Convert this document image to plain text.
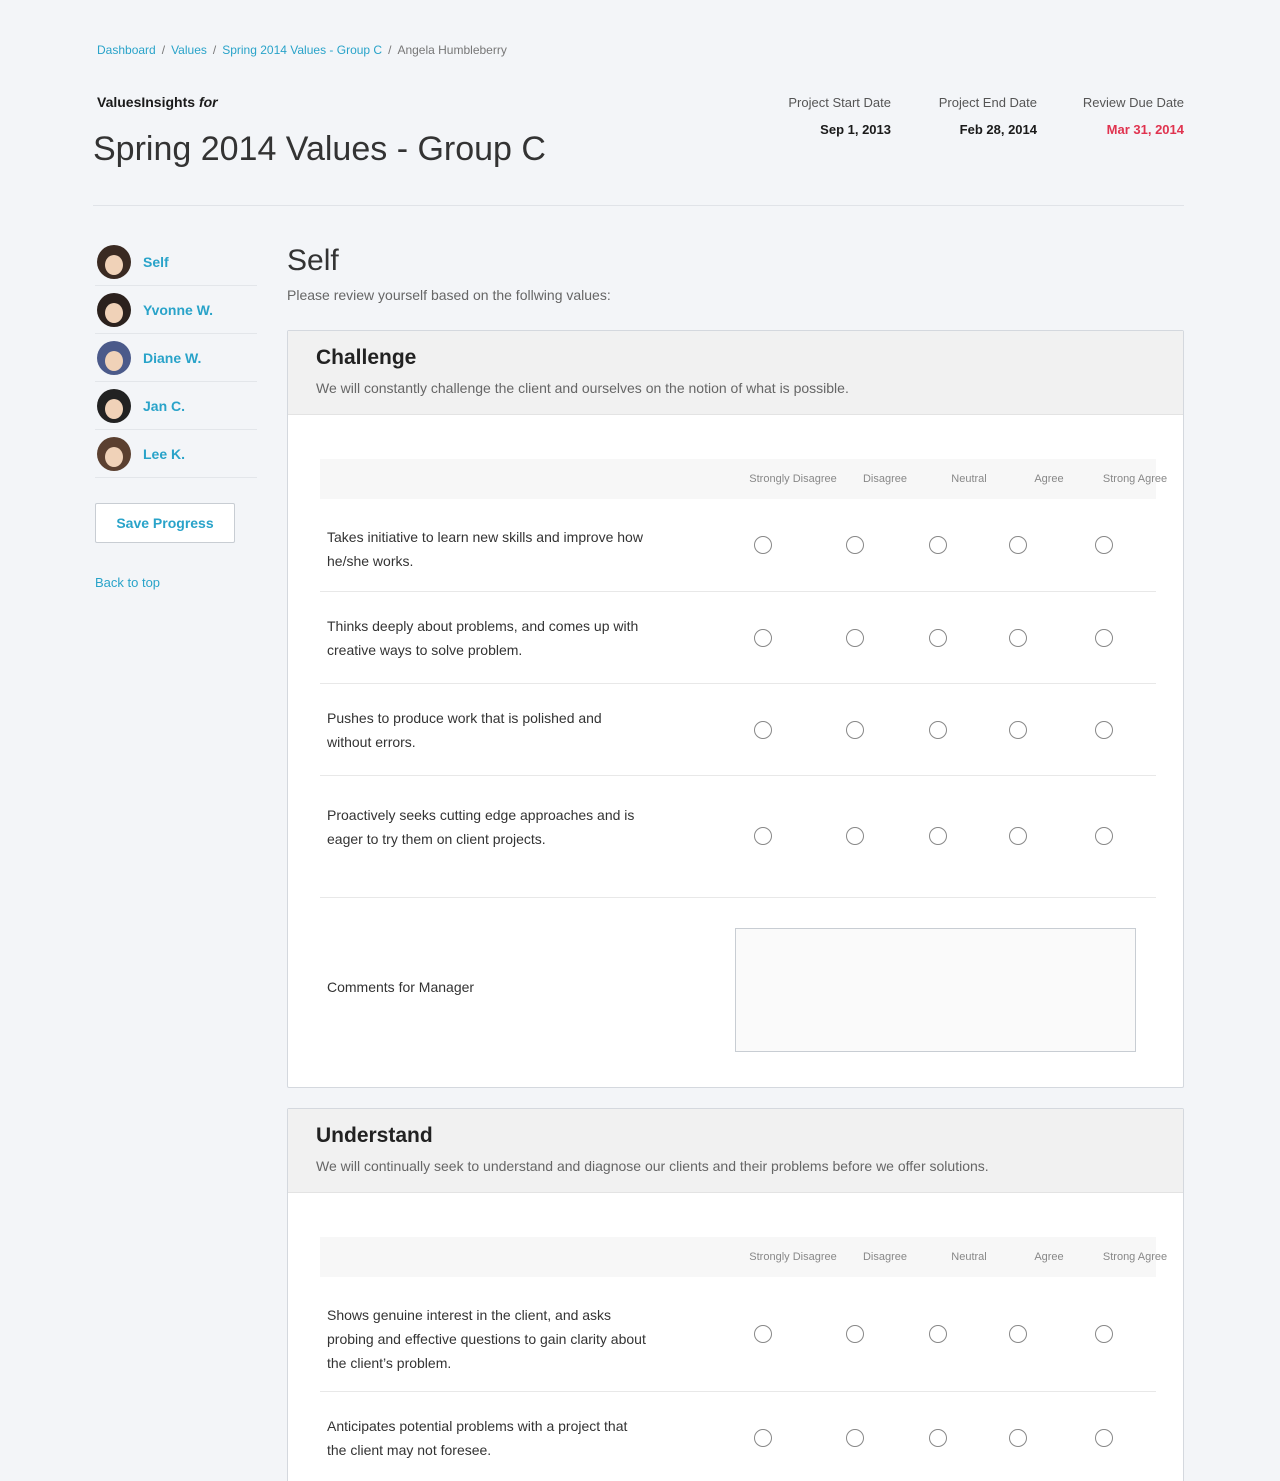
Dashboard / Values / Spring 2014 Values - Group C / Angela Humbleberry
ValuesInsights for
Spring 2014 Values - Group C
Project Start Date
Sep 1, 2013
Project End Date
Feb 28, 2014
Review Due Date
Mar 31, 2014
Self
Yvonne W.
Diane W.
Jan C.
Lee K.
Save Progress
Back to top
Self

Please review yourself based on the follwing values:

Challenge

We will constantly challenge the client and ourselves on the notion of what is possible.

Strongly Disagree	Disagree	Neutral	Agree	Strong Agree
Takes initiative to learn new skills and improve how he/she works.
Thinks deeply about problems, and comes up with creative ways to solve problem.
Pushes to produce work that is polished and without errors.
Proactively seeks cutting edge approaches and is eager to try them on client projects.
Comments for Manager
Understand

We will continually seek to understand and diagnose our clients and their problems before we offer solutions.

Strongly Disagree	Disagree	Neutral	Agree	Strong Agree
Shows genuine interest in the client, and asks probing and effective questions to gain clarity about the client’s problem.
Anticipates potential problems with a project that the client may not foresee.
